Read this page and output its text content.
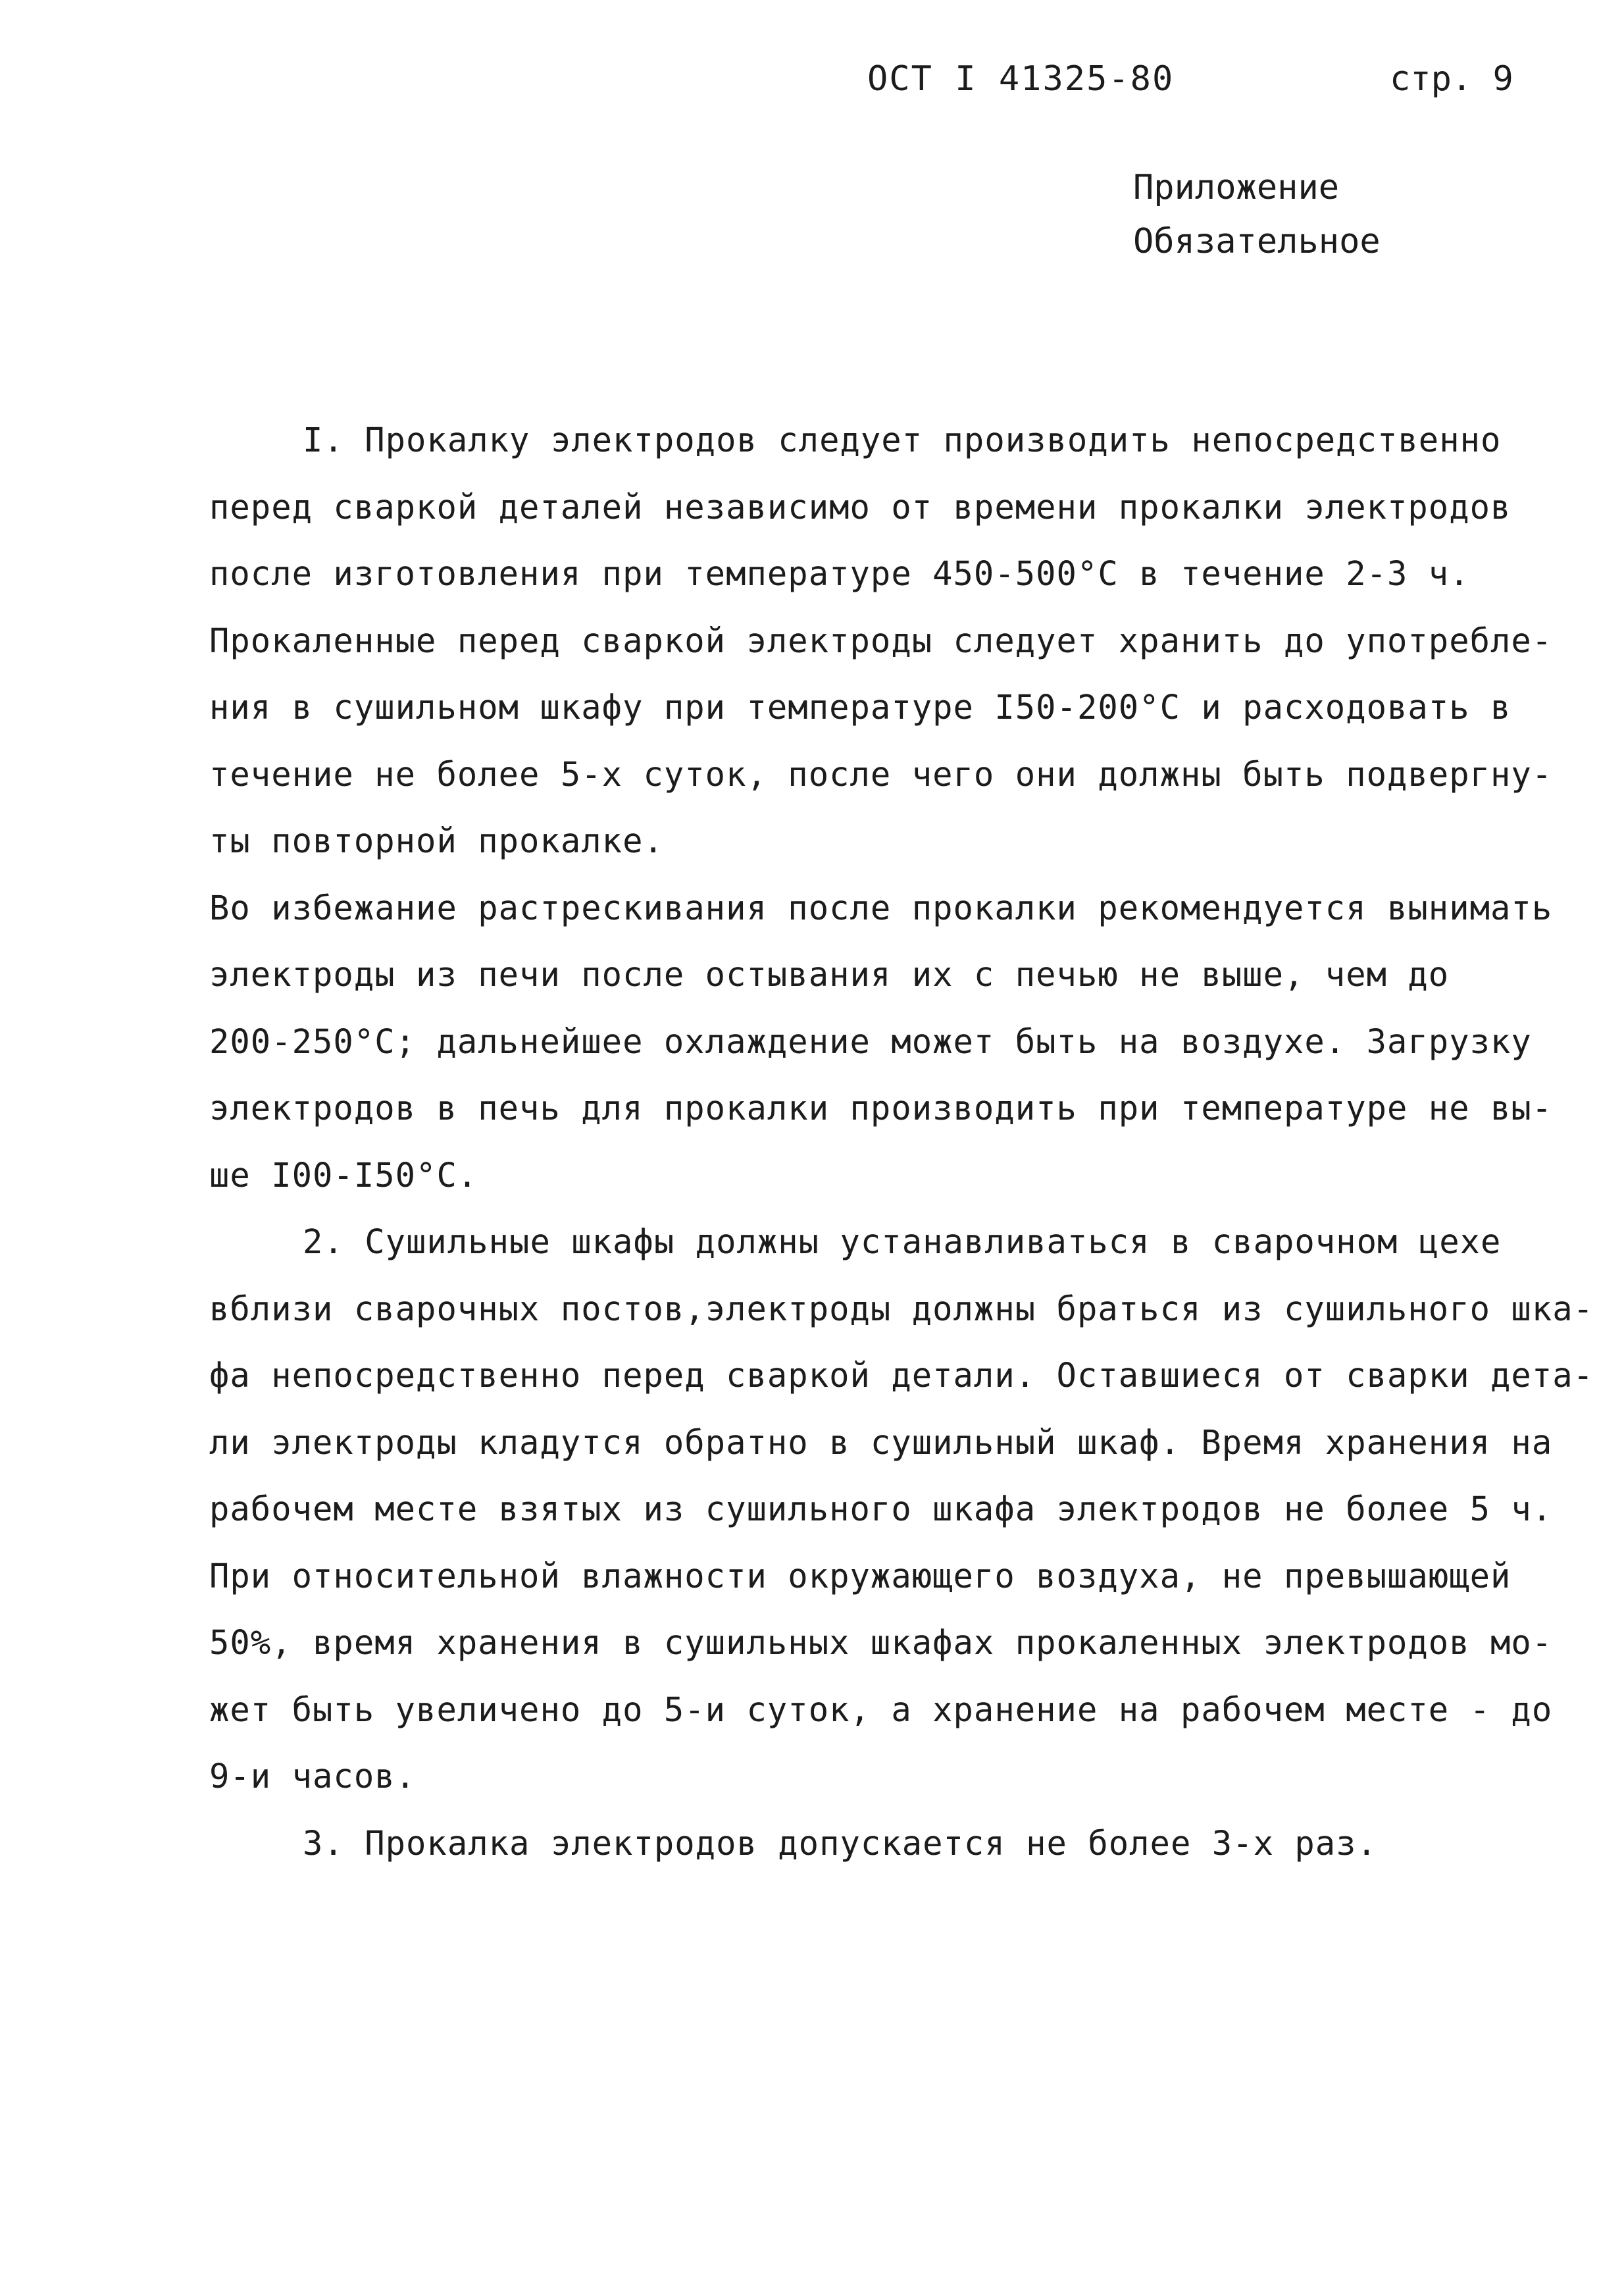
ОСТ I 41325-80	стр. 9
Приложение
Обязательное
I. Прокалку электродов следует производить непосредственно
перед сваркой деталей независимо от времени прокалки электродов
после изготовления при температуре 450-500°С в течение 2-3 ч.
Прокаленные перед сваркой электроды следует хранить до употребле-
ния в сушильном шкафу при температуре I50-200°С и расходовать в
течение не более 5-х суток, после чего они должны быть подвергну-
ты повторной прокалке.
Во избежание растрескивания после прокалки рекомендуется вынимать
электроды из печи после остывания их с печью не выше, чем до
200-250°С; дальнейшее охлаждение может быть на воздухе. Загрузку
электродов в печь для прокалки производить при температуре не вы-
ше I00-I50°С.
2. Сушильные шкафы должны устанавливаться в сварочном цехе
вблизи сварочных постов,электроды должны браться из сушильного шка-
фа непосредственно перед сваркой детали. Оставшиеся от сварки дета-
ли электроды кладутся обратно в сушильный шкаф. Время хранения на
рабочем месте взятых из сушильного шкафа электродов не более 5 ч.
При относительной влажности окружающего воздуха, не превышающей
50%, время хранения в сушильных шкафах прокаленных электродов мо-
жет быть увеличено до 5-и суток, а хранение на рабочем месте - до
9-и часов.
3. Прокалка электродов допускается не более 3-х раз.
